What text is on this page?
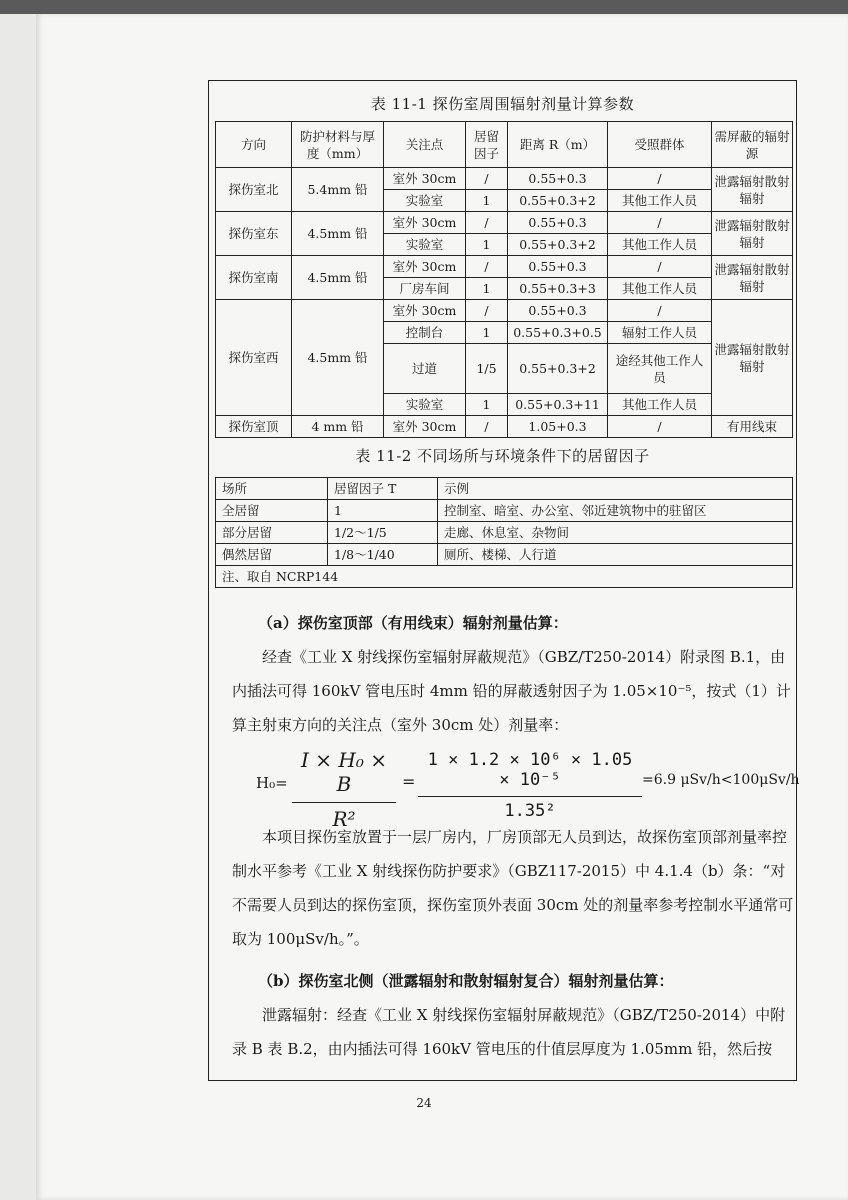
表 11-1 探伤室周围辐射剂量计算参数
方向	防护材料与厚度（mm）	关注点	居留因子	距离 R（m）	受照群体	需屏蔽的辐射源
探伤室北	5.4mm 铅	室外 30cm	/	0.55+0.3	/	泄露辐射散射辐射
		实验室	1	0.55+0.3+2	其他工作人员	
探伤室东	4.5mm 铅	室外 30cm	/	0.55+0.3	/	泄露辐射散射辐射
		实验室	1	0.55+0.3+2	其他工作人员	
探伤室南	4.5mm 铅	室外 30cm	/	0.55+0.3	/	泄露辐射散射辐射
		厂房车间	1	0.55+0.3+3	其他工作人员	
探伤室西	4.5mm 铅	室外 30cm	/	0.55+0.3	/	泄露辐射散射辐射
		控制台	1	0.55+0.3+0.5	辐射工作人员	
		过道	1/5	0.55+0.3+2	途经其他工作人员	
		实验室	1	0.55+0.3+11	其他工作人员	
探伤室顶	4 mm 铅	室外 30cm	/	1.05+0.3	/	有用线束
表 11-2 不同场所与环境条件下的居留因子
场所	居留因子 T	示例
全居留	1	控制室、暗室、办公室、邻近建筑物中的驻留区
部分居留	1/2～1/5	走廊、休息室、杂物间
偶然居留	1/8～1/40	厕所、楼梯、人行道
注、取自 NCRP144		

（a）探伤室顶部（有用线束）辐射剂量估算：

经查《工业 X 射线探伤室辐射屏蔽规范》（GBZ/T250-2014）附录图 B.1，由内插法可得 160kV 管电压时 4mm 铅的屏蔽透射因子为 1.05×10⁻⁵，按式（1）计算主射束方向的关注点（室外 30cm 处）剂量率：

$H_0= \frac{\text{I × H₀ × B}}{\text{R²}} = \frac{\text{1 × 1.2 × 10⁶ × 1.05 × 10⁻⁵}}{\text{1.35²}} =6.9$ μSv/h<100μSv/h

本项目探伤室放置于一层厂房内，厂房顶部无人员到达，故探伤室顶部剂量率控制水平参考《工业 X 射线探伤防护要求》（GBZ117-2015）中 4.1.4（b）条：“对不需要人员到达的探伤室顶，探伤室顶外表面 30cm 处的剂量率参考控制水平通常可取为 100μSv/h。”。

（b）探伤室北侧（泄露辐射和散射辐射复合）辐射剂量估算：

泄露辐射：经查《工业 X 射线探伤室辐射屏蔽规范》（GBZ/T250-2014）中附录 B 表 B.2，由内插法可得 160kV 管电压的什值层厚度为 1.05mm 铅，然后按

24
